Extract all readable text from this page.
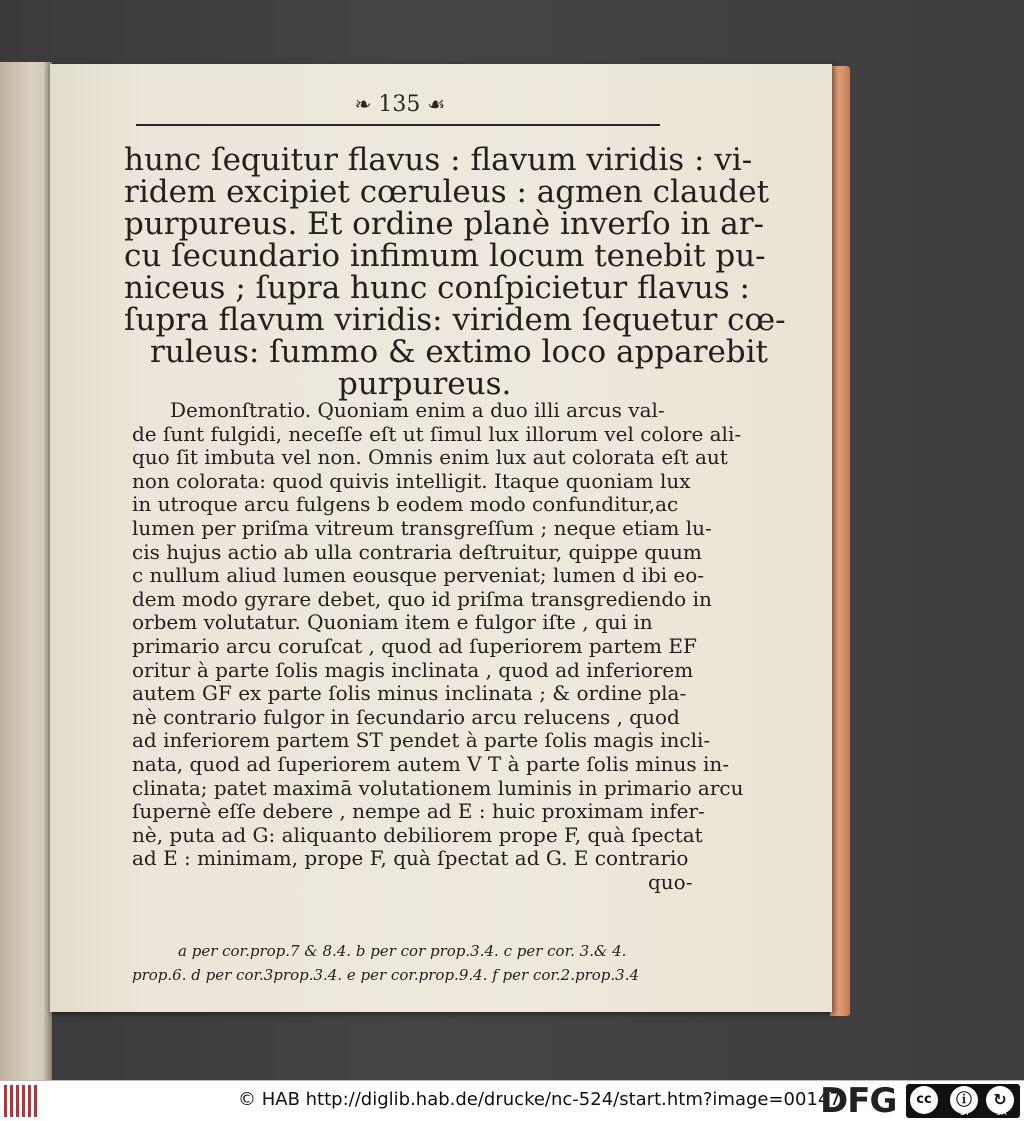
❧ 135 ☙
hunc ſequitur flavus : flavum viridis : vi-
ridem excipiet cœruleus : agmen claudet
purpureus. Et ordine planè inverſo in ar-
cu ſecundario infimum locum tenebit pu-
niceus ; ſupra hunc conſpicietur flavus :
ſupra flavum viridis: viridem ſequetur cœ-
ruleus: ſummo & extimo loco apparebit
purpureus.
Demonſtratio. Quoniam enim a duo illi arcus val-
de ſunt fulgidi, neceſſe eſt ut ſimul lux illorum vel colore ali-
quo ſit imbuta vel non. Omnis enim lux aut colorata eſt aut
non colorata: quod quivis intelligit. Itaque quoniam lux
in utroque arcu fulgens b eodem modo confunditur,ac
lumen per priſma vitreum transgreſſum ; neque etiam lu-
cis hujus actio ab ulla contraria deſtruitur, quippe quum
c nullum aliud lumen eousque perveniat; lumen d ibi eo-
dem modo gyrare debet, quo id priſma transgrediendo in
orbem volutatur. Quoniam item e fulgor iſte , qui in
primario arcu coruſcat , quod ad ſuperiorem partem EF
oritur à parte ſolis magis inclinata , quod ad inferiorem
autem GF ex parte ſolis minus inclinata ; & ordine pla-
nè contrario fulgor in ſecundario arcu relucens , quod
ad inferiorem partem ST pendet à parte ſolis magis incli-
nata, quod ad ſuperiorem autem V T à parte ſolis minus in-
clinata; patet maximā volutationem luminis in primario arcu
ſupernè eſſe debere , nempe ad E : huic proximam infer-
nè, puta ad G: aliquanto debiliorem prope F, quà ſpectat
ad E : minimam, prope F, quà ſpectat ad G. E contrario
quo-
a per cor.prop.7 & 8.4. b per cor prop.3.4. c per cor. 3.& 4.
prop.6. d per cor.3prop.3.4. e per cor.prop.9.4. f per cor.2.prop.3.4
© HAB http://diglib.hab.de/drucke/nc-524/start.htm?image=00147
DFG	cc	ⓘ	↻
BY	SA
